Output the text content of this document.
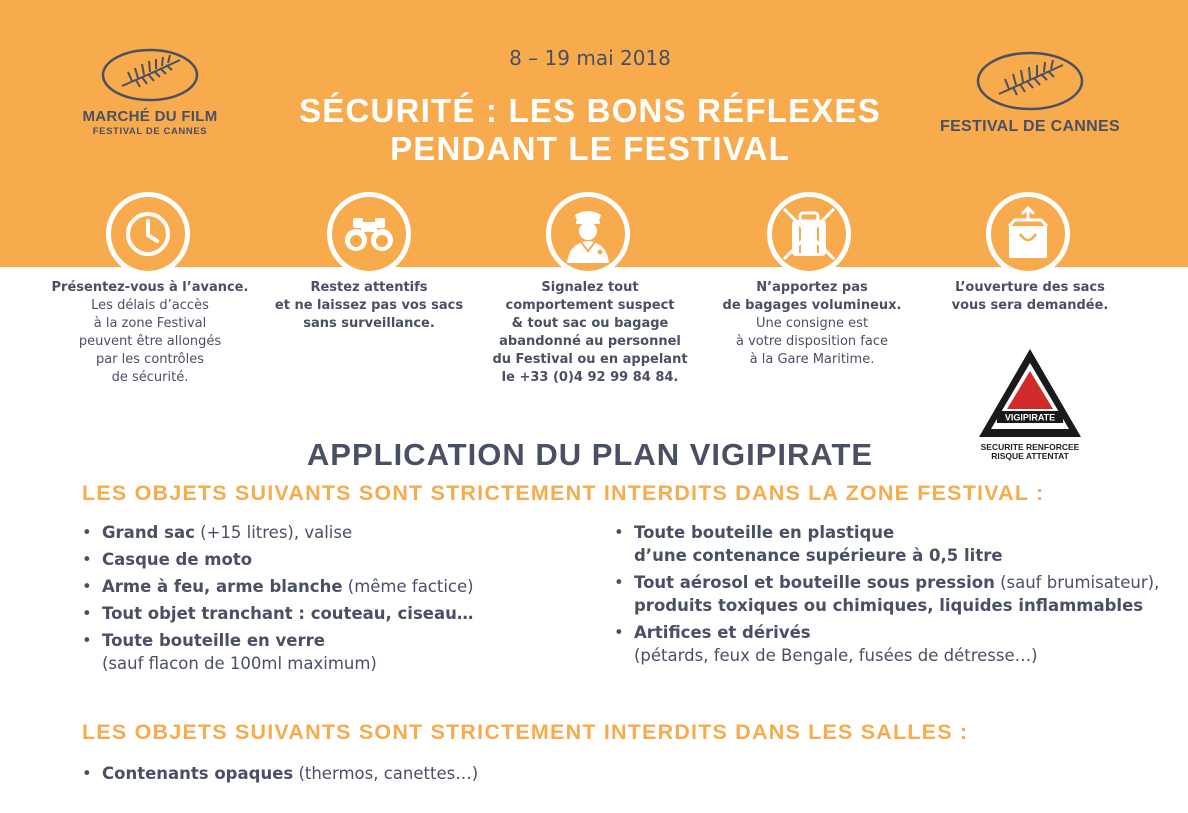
MARCHÉ DU FILM
FESTIVAL DE CANNES	FESTIVAL DE CANNES
8 – 19 mai 2018
SÉCURITÉ : LES BONS RÉFLEXES
PENDANT LE FESTIVAL
Présentez-vous à l’avance.
Les délais d’accès
à la zone Festival
peuvent être allongés
par les contrôles
de sécurité.
Restez attentifs
et ne laissez pas vos sacs
sans surveillance.
Signalez tout
comportement suspect
& tout sac ou bagage
abandonné au personnel
du Festival ou en appelant
le +33 (0)4 92 99 84 84.
N’apportez pas
de bagages volumineux.
Une consigne est
à votre disposition face
à la Gare Maritime.
L’ouverture des sacs
vous sera demandée.
VIGIPIRATE
SECURITE RENFORCEE
RISQUE ATTENTAT
APPLICATION DU PLAN VIGIPIRATE
LES OBJETS SUIVANTS SONT STRICTEMENT INTERDITS DANS LA ZONE FESTIVAL :
• Grand sac (+15 litres), valise
• Casque de moto
• Arme à feu, arme blanche (même factice)
• Tout objet tranchant : couteau, ciseau…
• Toute bouteille en verre
(sauf flacon de 100ml maximum)
• Toute bouteille en plastique
d’une contenance supérieure à 0,5 litre
• Tout aérosol et bouteille sous pression (sauf brumisateur),
produits toxiques ou chimiques, liquides inflammables
• Artifices et dérivés
(pétards, feux de Bengale, fusées de détresse…)
LES OBJETS SUIVANTS SONT STRICTEMENT INTERDITS DANS LES SALLES :
• Contenants opaques (thermos, canettes…)
